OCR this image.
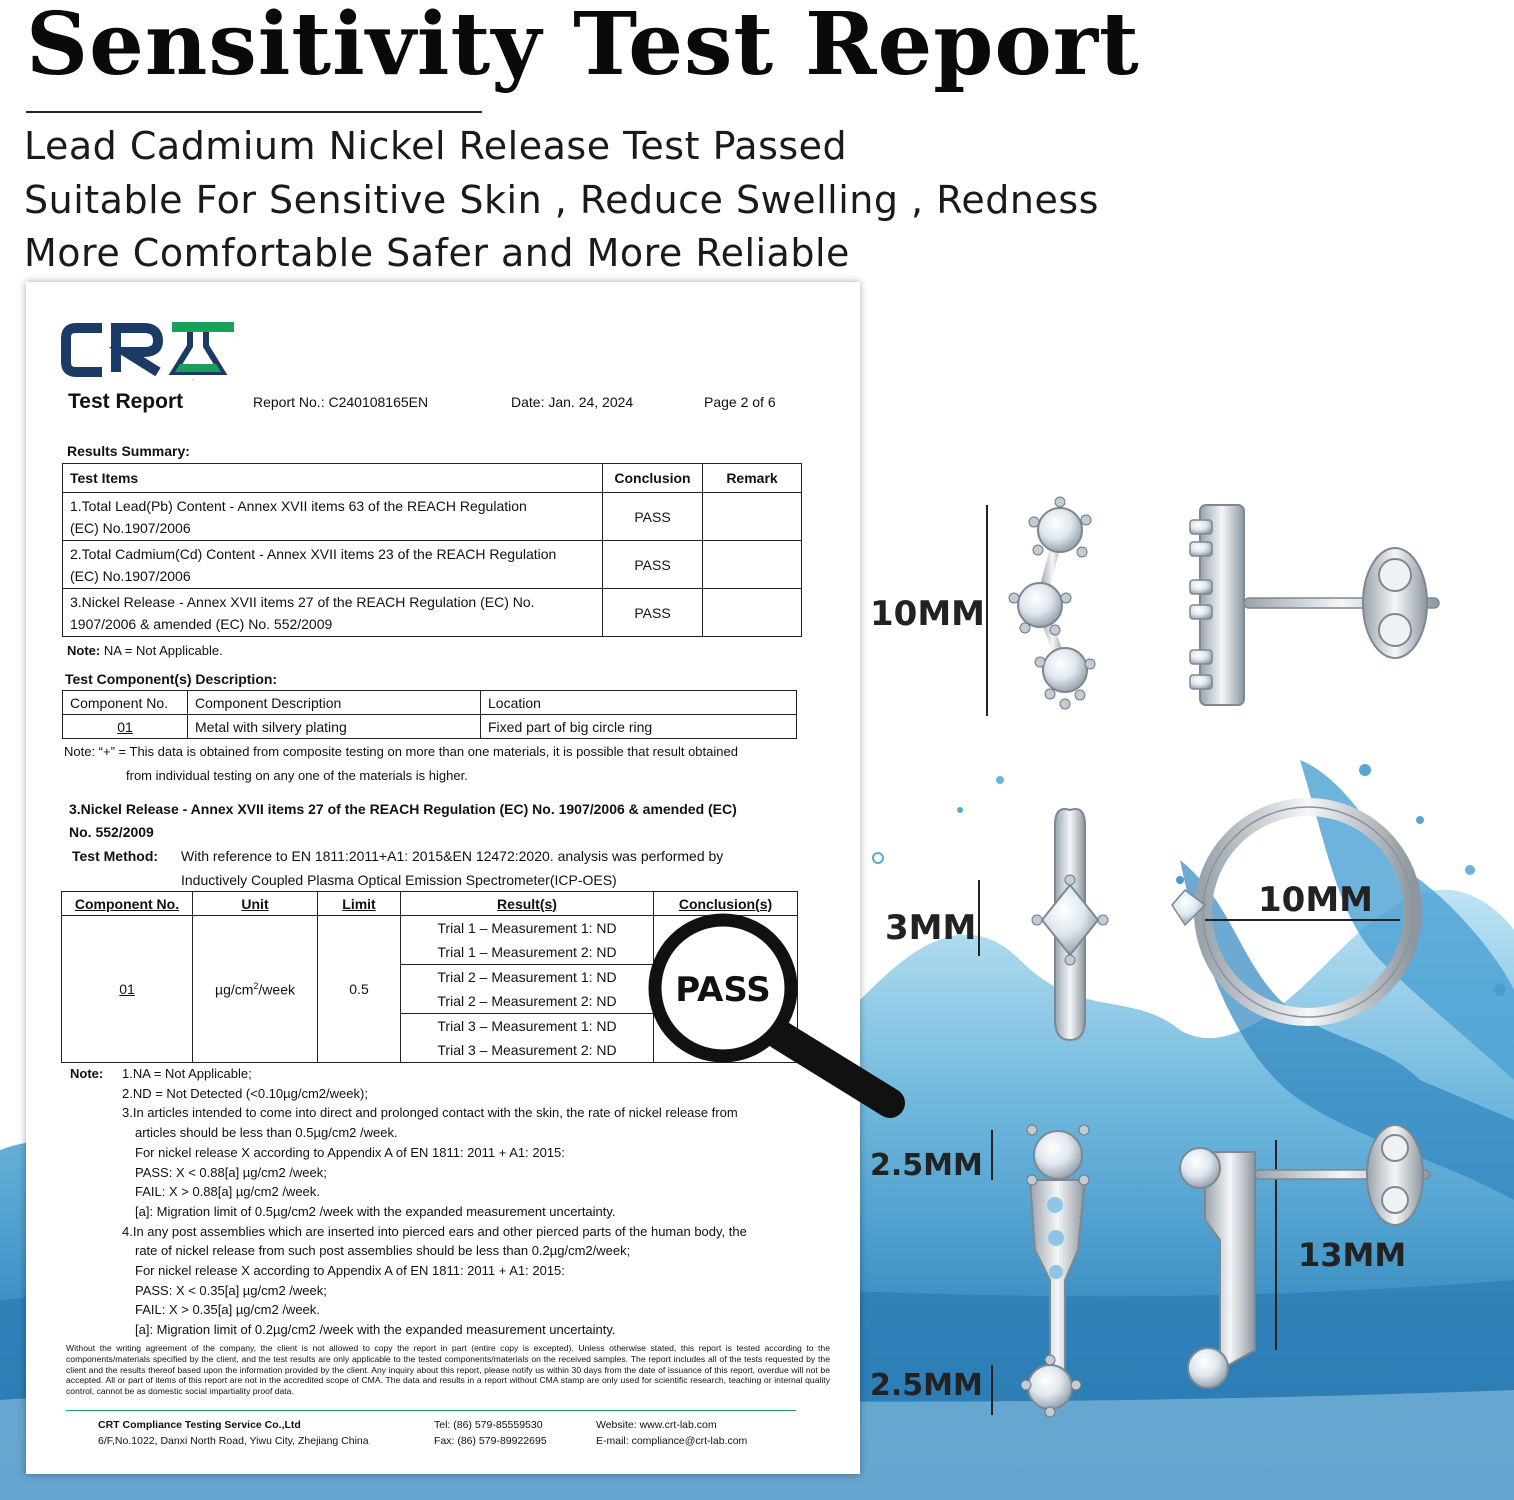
Sensitivity Test Report
Lead Cadmium Nickel Release Test Passed
Suitable For Sensitive Skin , Reduce Swelling , Redness
More Comfortable Safer and More Reliable
10MM
3MM
10MM
2.5MM
13MM
2.5MM
CRT
Test Report	Report No.: C240108165EN	Date: Jan. 24, 2024	Page 2 of 6
Results Summary:
Test Items	Conclusion	Remark

1.Total Lead(Pb) Content - Annex XVII items 63 of the REACH Regulation
(EC) No.1907/2006	PASS	

2.Total Cadmium(Cd) Content - Annex XVII items 23 of the REACH Regulation
(EC) No.1907/2006	PASS	

3.Nickel Release - Annex XVII items 27 of the REACH Regulation (EC) No.
1907/2006 & amended (EC) No. 552/2009	PASS	
Note: NA = Not Applicable.
Test Component(s) Description:
Component No.	Component Description	Location
01	Metal with silvery plating	Fixed part of big circle ring
Note: “+” = This data is obtained from composite testing on more than one materials, it is possible that result obtained
from individual testing on any one of the materials is higher.
3.Nickel Release - Annex XVII items 27 of the REACH Regulation (EC) No. 1907/2006 & amended (EC)
No. 552/2009
Test Method: With reference to EN 1811:2011+A1: 2015&EN 12472:2020. analysis was performed by
Inductively Coupled Plasma Optical Emission Spectrometer(ICP-OES)
Component No.	Unit	Limit	Result(s)	Conclusion(s)
01	$\mu g/cm^2$/week	0.5	Trial 1 – Measurement 1: ND
Trial 1 – Measurement 2: ND	

			Trial 2 – Measurement 1: ND
Trial 2 – Measurement 2: ND	

			Trial 3 – Measurement 1: ND
Trial 3 – Measurement 2: ND	
Note:	1.NA = Not Applicable;
2.ND = Not Detected (<0.10µg/cm2/week);
3.In articles intended to come into direct and prolonged contact with the skin, the rate of nickel release from
articles should be less than 0.5µg/cm2 /week.
For nickel release X according to Appendix A of EN 1811: 2011 + A1: 2015:
PASS: X < 0.88[a] µg/cm2 /week;
FAIL: X > 0.88[a] µg/cm2 /week.
[a]: Migration limit of 0.5µg/cm2 /week with the expanded measurement uncertainty.
4.In any post assemblies which are inserted into pierced ears and other pierced parts of the human body, the
rate of nickel release from such post assemblies should be less than 0.2µg/cm2/week;
For nickel release X according to Appendix A of EN 1811: 2011 + A1: 2015:
PASS: X < 0.35[a] µg/cm2 /week;
FAIL: X > 0.35[a] µg/cm2 /week.
[a]: Migration limit of 0.2µg/cm2 /week with the expanded measurement uncertainty.
Without the writing agreement of the company, the client is not allowed to copy the report in part (entire copy is excepted). Unless otherwise stated, this report is tested according to the components/materials specified by the client, and the test results are only applicable to the tested components/materials on the received samples. The report includes all of the tests requested by the client and the results thereof based upon the information provided by the client. Any inquiry about this report, please notify us within 30 days from the date of issuance of this report, overdue will not be accepted. All or part of items of this report are not in the accredited scope of CMA. The data and results in a report without CMA stamp are only used for scientific research, teaching or internal quality control, cannot be as domestic social impartiality proof data.
CRT Compliance Testing Service Co.,Ltd
6/F,No.1022, Danxi North Road, Yiwu City, Zhejiang China
Tel: (86) 579-85559530
Fax: (86) 579-89922695
Website: www.crt-lab.com
E-mail: compliance@crt-lab.com
PASS
